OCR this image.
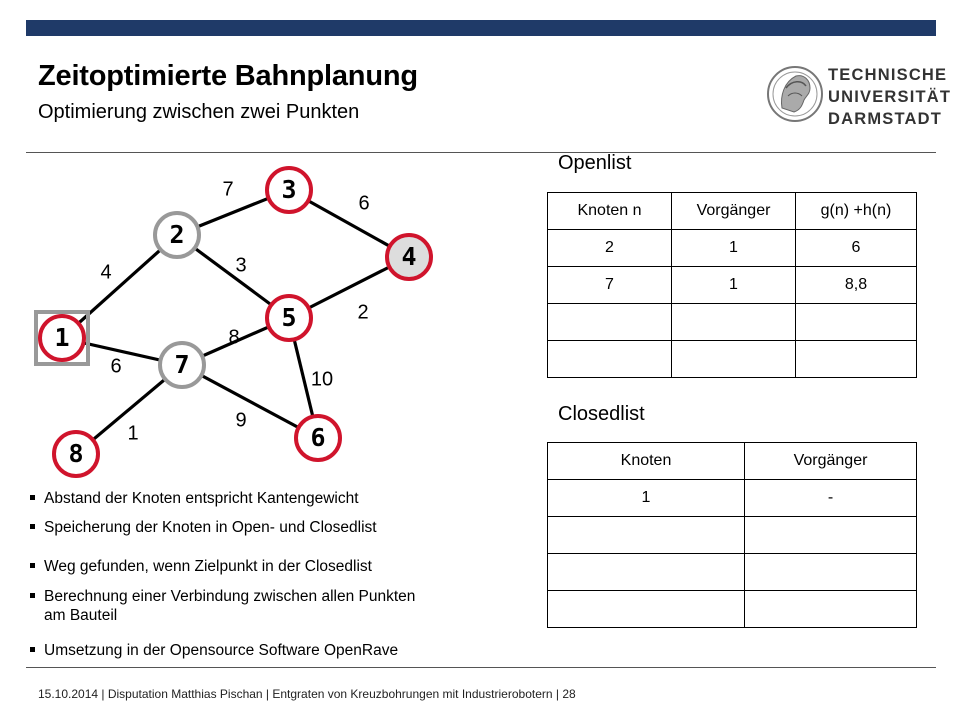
Zeitoptimierte Bahnplanung
Optimierung zwischen zwei Punkten
TECHNISCHE
UNIVERSITÄT
DARMSTADT
4
7
6
3
2
6
8
10
9
1
1
2
3
4
5
6
7
8
Openlist
Knoten n	Vorgänger	g(n) +h(n)
2	1	6
7	1	8,8

Closedlist
Knoten	Vorgänger
1	-

Abstand der Knoten entspricht Kantengewicht
Speicherung der Knoten in Open- und Closedlist
Weg gefunden, wenn Zielpunkt in der Closedlist
Berechnung einer Verbindung zwischen allen Punkten am Bauteil
Umsetzung in der Opensource Software OpenRave
15.10.2014 | Disputation Matthias Pischan | Entgraten von Kreuzbohrungen mit Industrierobotern | 28
